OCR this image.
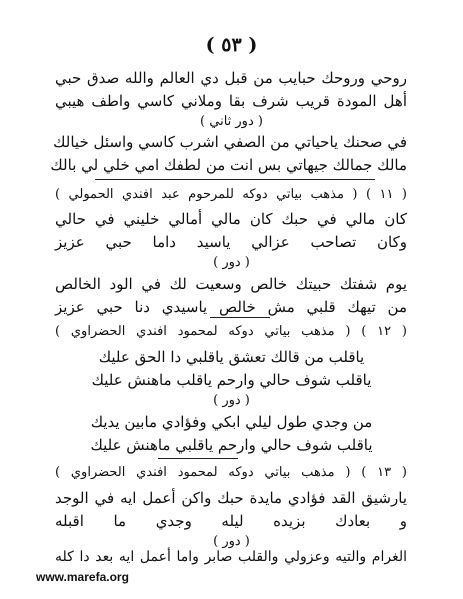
( ٥٣ )
روحي وروحك حبايب من قبل دي العالم والله صدق حبي
أهل المودة قريب شرف بقا وملاني كاسي واطف هيبي
( دور ثاني )
في صحنك ياحياتي من الصفي اشرب كاسي واسئل خيالك
مالك جمالك جيهاتي بس انت من لطفك امي خلي لي بالك
( ١١ ) ( مذهب بياتي دوكه للمرحوم عبد افندي الحمولي )
كان مالي في حبك كان مالي أمالي خليني في حالي
وكان تصاحب عزالي ياسيد داما حبي عزيز
( دور )
يوم شفتك حبيتك خالص وسعيت لك في الود الخالص
من تيهك قلبي مش خالص ياسيدي دنا حبي عزيز
( ١٢ ) ( مذهب بياتي دوكه لمحمود افندي الحضراوي )
ياقلب من قالك تعشق ياقلبي دا الحق عليك
ياقلب شوف حالي وارحم ياقلب ماهنش عليك
( دور )
من وجدي طول ليلي ابكي وفؤادي مابين يديك
ياقلب شوف حالي وارحم ياقلبي ماهنش عليك
( ١٣ ) ( مذهب بياتي دوكه لمحمود افندي الحضراوي )
يارشيق القد فؤادي مايدة حبك واكن أعمل ايه في الوجد
و بعادك بزيده ليله وجدي ما اقبله
( دور )
الغرام والتيه وعزولي والقلب صابر واما أعمل ايه بعد دا كله
www.marefa.org
